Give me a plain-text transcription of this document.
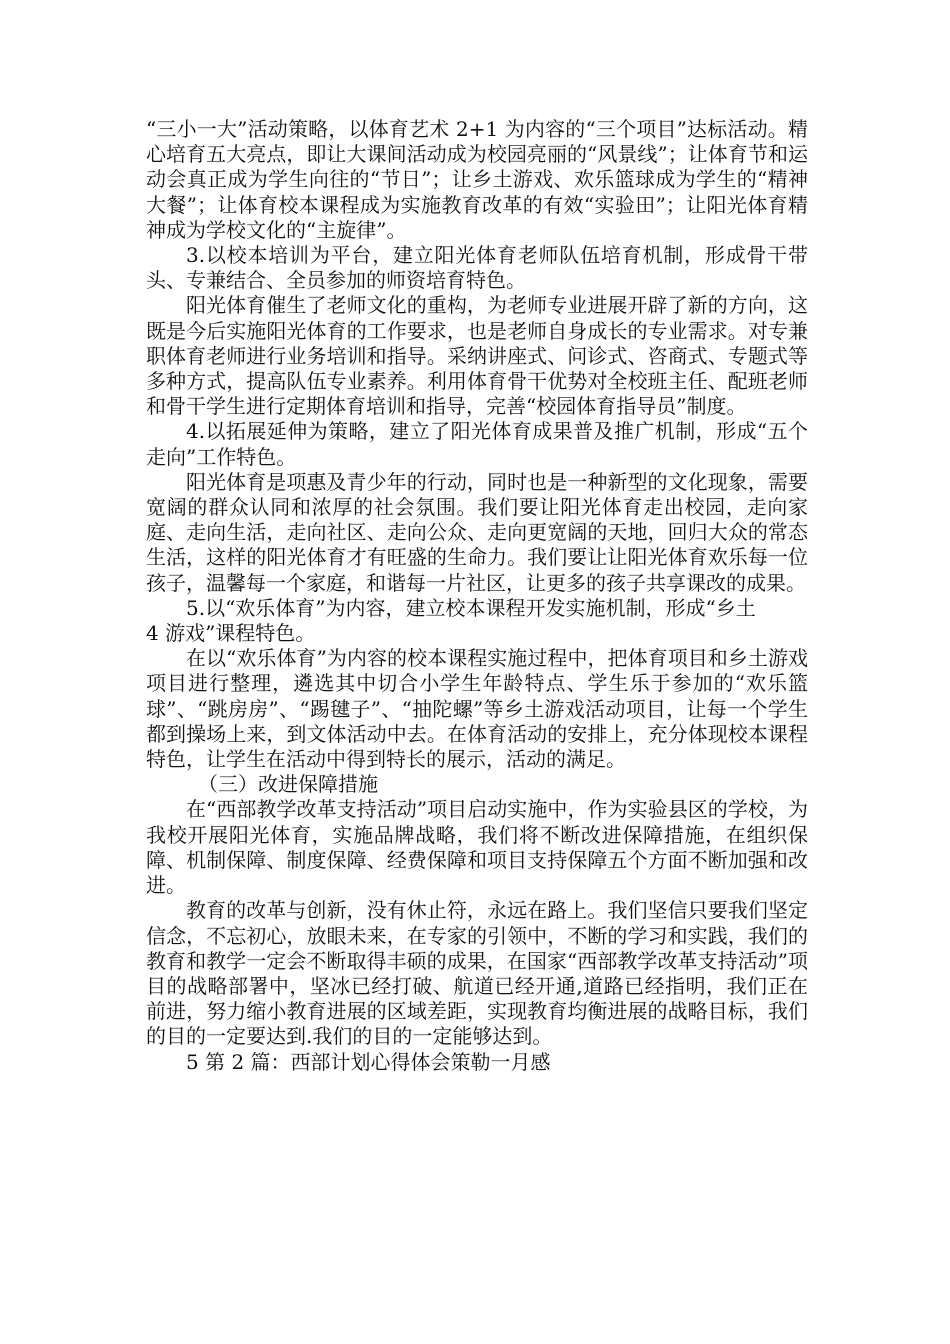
“三小一大”活动策略，以体育艺术 2+1 为内容的“三个项目”达标活动。精心培育五大亮点，即让大课间活动成为校园亮丽的“风景线”；让体育节和运动会真正成为学生向往的“节日”；让乡土游戏、欢乐篮球成为学生的“精神大餐”；让体育校本课程成为实施教育改革的有效“实验田”；让阳光体育精神成为学校文化的“主旋律”。

3.以校本培训为平台，建立阳光体育老师队伍培育机制，形成骨干带头、专兼结合、全员参加的师资培育特色。

阳光体育催生了老师文化的重构，为老师专业进展开辟了新的方向，这既是今后实施阳光体育的工作要求，也是老师自身成长的专业需求。对专兼职体育老师进行业务培训和指导。采纳讲座式、问诊式、咨商式、专题式等多种方式，提高队伍专业素养。利用体育骨干优势对全校班主任、配班老师和骨干学生进行定期体育培训和指导，完善“校园体育指导员”制度。

4.以拓展延伸为策略，建立了阳光体育成果普及推广机制，形成“五个走向”工作特色。

阳光体育是项惠及青少年的行动，同时也是一种新型的文化现象，需要宽阔的群众认同和浓厚的社会氛围。我们要让阳光体育走出校园，走向家庭、走向生活，走向社区、走向公众、走向更宽阔的天地，回归大众的常态生活，这样的阳光体育才有旺盛的生命力。我们要让让阳光体育欢乐每一位孩子，温馨每一个家庭，和谐每一片社区，让更多的孩子共享课改的成果。

5.以“欢乐体育”为内容，建立校本课程开发实施机制，形成“乡土

4 游戏”课程特色。

在以“欢乐体育”为内容的校本课程实施过程中，把体育项目和乡土游戏项目进行整理，遴选其中切合小学生年龄特点、学生乐于参加的“欢乐篮球”、“跳房房”、“踢毽子”、“抽陀螺”等乡土游戏活动项目，让每一个学生都到操场上来，到文体活动中去。在体育活动的安排上，充分体现校本课程特色，让学生在活动中得到特长的展示，活动的满足。

（三）改进保障措施

在“西部教学改革支持活动”项目启动实施中，作为实验县区的学校，为我校开展阳光体育，实施品牌战略，我们将不断改进保障措施，在组织保障、机制保障、制度保障、经费保障和项目支持保障五个方面不断加强和改进。

教育的改革与创新，没有休止符，永远在路上。我们坚信只要我们坚定信念，不忘初心，放眼未来，在专家的引领中，不断的学习和实践，我们的教育和教学一定会不断取得丰硕的成果，在国家“西部教学改革支持活动”项目的战略部署中，坚冰已经打破、航道已经开通,道路已经指明，我们正在前进，努力缩小教育进展的区域差距，实现教育均衡进展的战略目标，我们的目的一定要达到.我们的目的一定能够达到。

5 第 2 篇：西部计划心得体会策勒一月感
